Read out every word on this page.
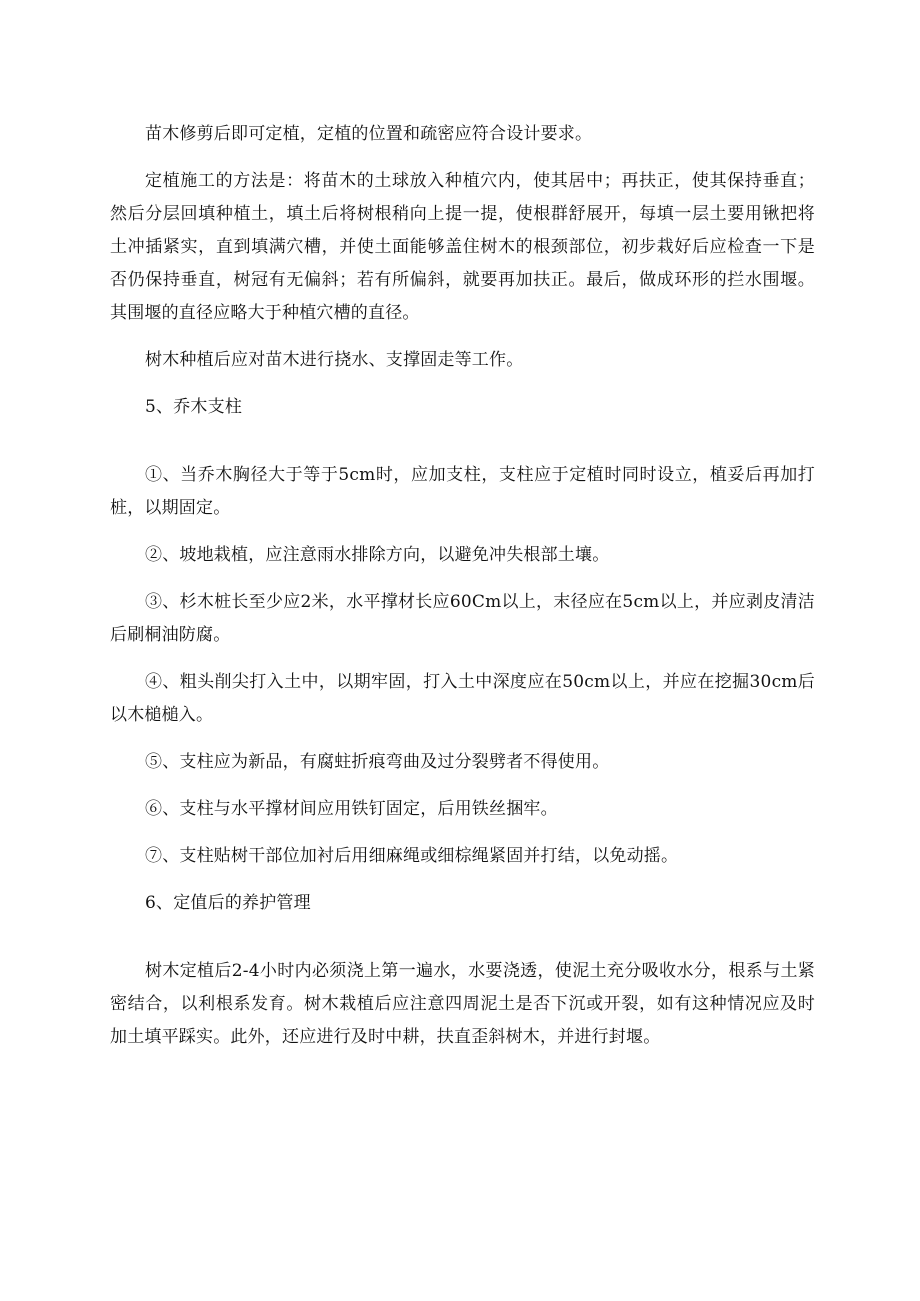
苗木修剪后即可定植，定植的位置和疏密应符合设计要求。

定植施工的方法是：将苗木的土球放入种植穴内，使其居中；再扶正，使其保持垂直；然后分层回填种植土，填土后将树根稍向上提一提，使根群舒展开，每填一层土要用锹把将土冲插紧实，直到填满穴槽，并使土面能够盖住树木的根颈部位，初步栽好后应检查一下是否仍保持垂直，树冠有无偏斜；若有所偏斜，就要再加扶正。最后，做成环形的拦水围堰。其围堰的直径应略大于种植穴槽的直径。

树木种植后应对苗木进行挠水、支撑固走等工作。

5、乔木支柱

①、当乔木胸径大于等于5cm时，应加支柱，支柱应于定植时同时设立，植妥后再加打桩，以期固定。

②、坡地栽植，应注意雨水排除方向，以避免冲失根部土壤。

③、杉木桩长至少应2米，水平撑材长应60Cm以上，末径应在5cm以上，并应剥皮清洁后刷桐油防腐。

④、粗头削尖打入土中，以期牢固，打入土中深度应在50cm以上，并应在挖掘30cm后以木槌槌入。

⑤、支柱应为新品，有腐蛀折痕弯曲及过分裂劈者不得使用。

⑥、支柱与水平撑材间应用铁钉固定，后用铁丝捆牢。

⑦、支柱贴树干部位加衬后用细麻绳或细棕绳紧固并打结，以免动摇。

6、定值后的养护管理

树木定植后2-4小时内必须浇上第一遍水，水要浇透，使泥土充分吸收水分，根系与土紧密结合，以利根系发育。树木栽植后应注意四周泥土是否下沉或开裂，如有这种情况应及时加土填平踩实。此外，还应进行及时中耕，扶直歪斜树木，并进行封堰。
